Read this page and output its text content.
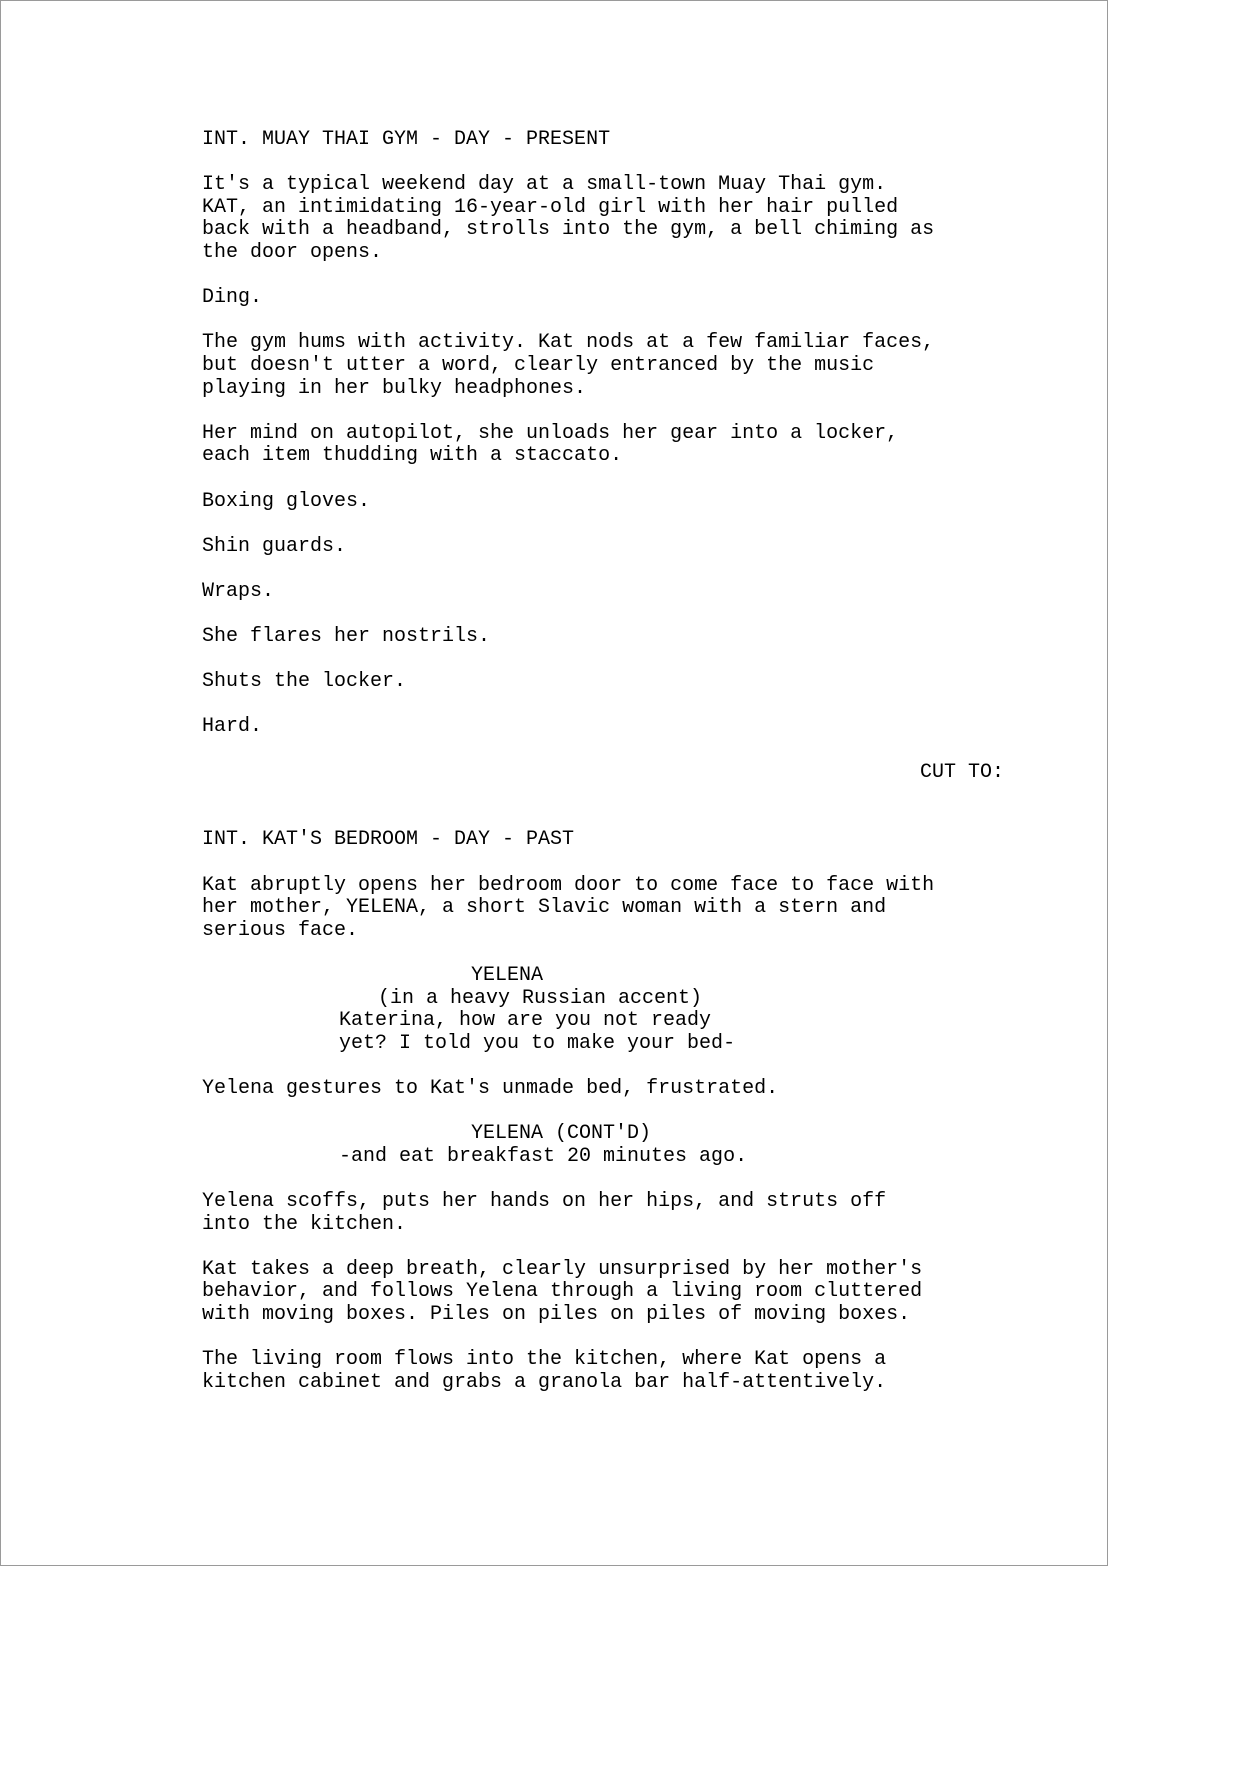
INT. MUAY THAI GYM - DAY - PRESENT
It's a typical weekend day at a small-town Muay Thai gym.
KAT, an intimidating 16-year-old girl with her hair pulled
back with a headband, strolls into the gym, a bell chiming as
the door opens.
Ding.
The gym hums with activity. Kat nods at a few familiar faces,
but doesn't utter a word, clearly entranced by the music
playing in her bulky headphones.
Her mind on autopilot, she unloads her gear into a locker,
each item thudding with a staccato.
Boxing gloves.
Shin guards.
Wraps.
She flares her nostrils.
Shuts the locker.
Hard.
CUT TO:
INT. KAT'S BEDROOM - DAY - PAST
Kat abruptly opens her bedroom door to come face to face with
her mother, YELENA, a short Slavic woman with a stern and
serious face.
YELENA
(in a heavy Russian accent)
Katerina, how are you not ready
yet? I told you to make your bed-
Yelena gestures to Kat's unmade bed, frustrated.
YELENA (CONT'D)
-and eat breakfast 20 minutes ago.
Yelena scoffs, puts her hands on her hips, and struts off
into the kitchen.
Kat takes a deep breath, clearly unsurprised by her mother's
behavior, and follows Yelena through a living room cluttered
with moving boxes. Piles on piles on piles of moving boxes.
The living room flows into the kitchen, where Kat opens a
kitchen cabinet and grabs a granola bar half-attentively.
